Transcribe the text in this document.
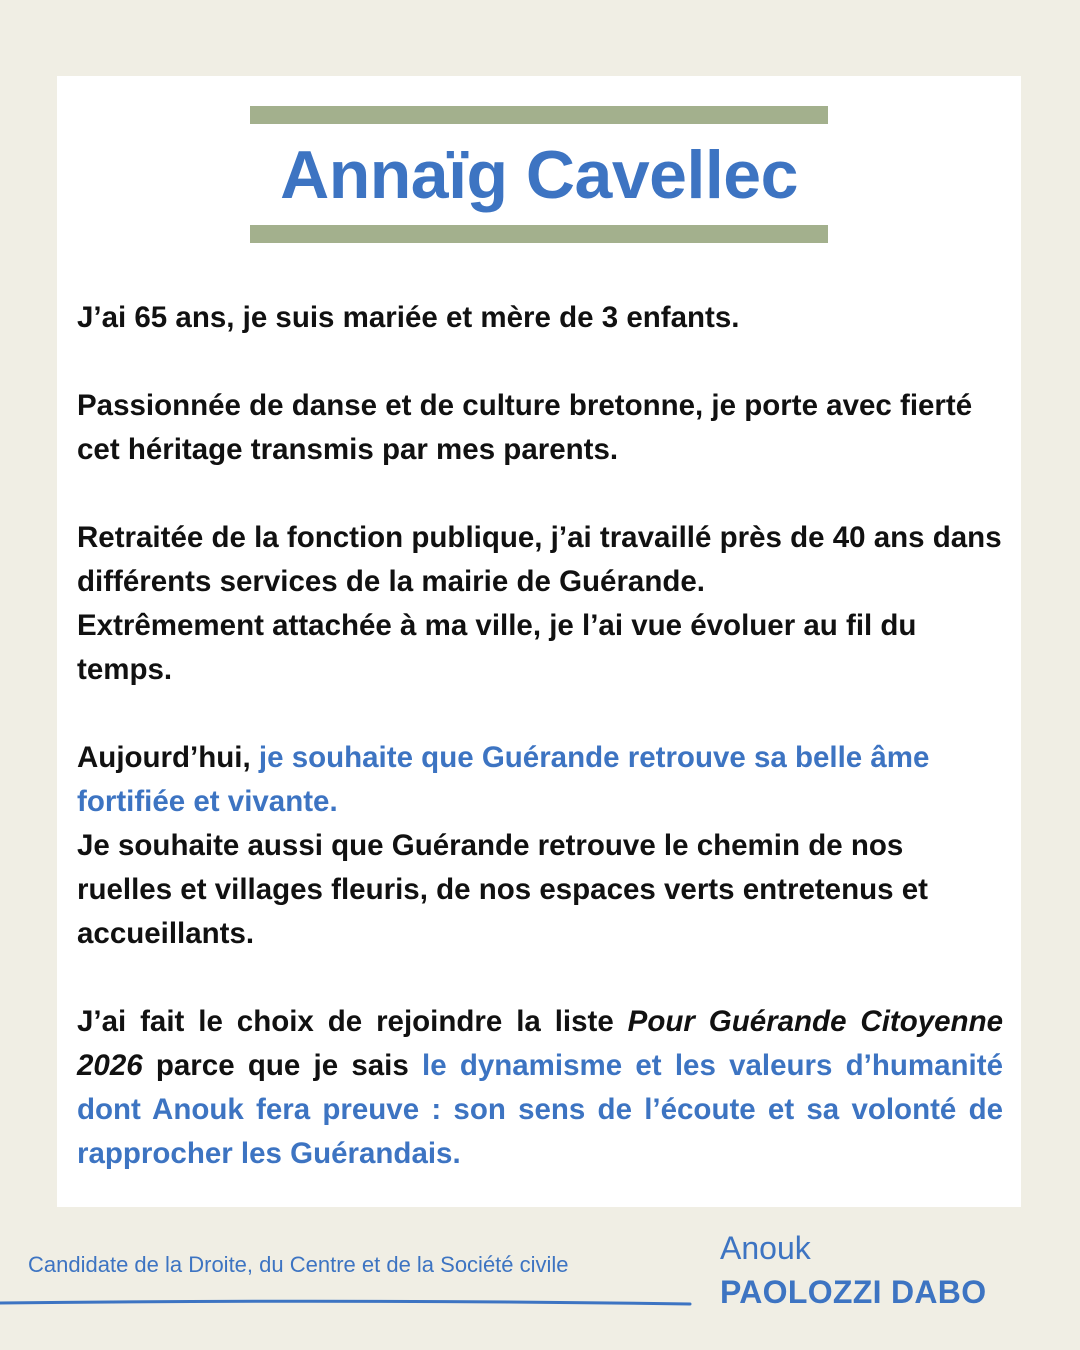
Annaïg Cavellec

J’ai 65 ans, je suis mariée et mère de 3 enfants.

Passionnée de danse et de culture bretonne, je porte avec fierté cet héritage transmis par mes parents.

Retraitée de la fonction publique, j’ai travaillé près de 40 ans dans différents services de la mairie de Guérande.

Extrêmement attachée à ma ville, je l’ai vue évoluer au fil du temps.

Aujourd’hui, je souhaite que Guérande retrouve sa belle âme fortifiée et vivante.

Je souhaite aussi que Guérande retrouve le chemin de nos ruelles et villages fleuris, de nos espaces verts entretenus et accueillants.

J’ai fait le choix de rejoindre la liste Pour Guérande Citoyenne 2026 parce que je sais le dynamisme et les valeurs d’humanité dont Anouk fera preuve : son sens de l’écoute et sa volonté de rapprocher les Guérandais.

Candidate de la Droite, du Centre et de la Société civile	Anouk
PAOLOZZI DABO
